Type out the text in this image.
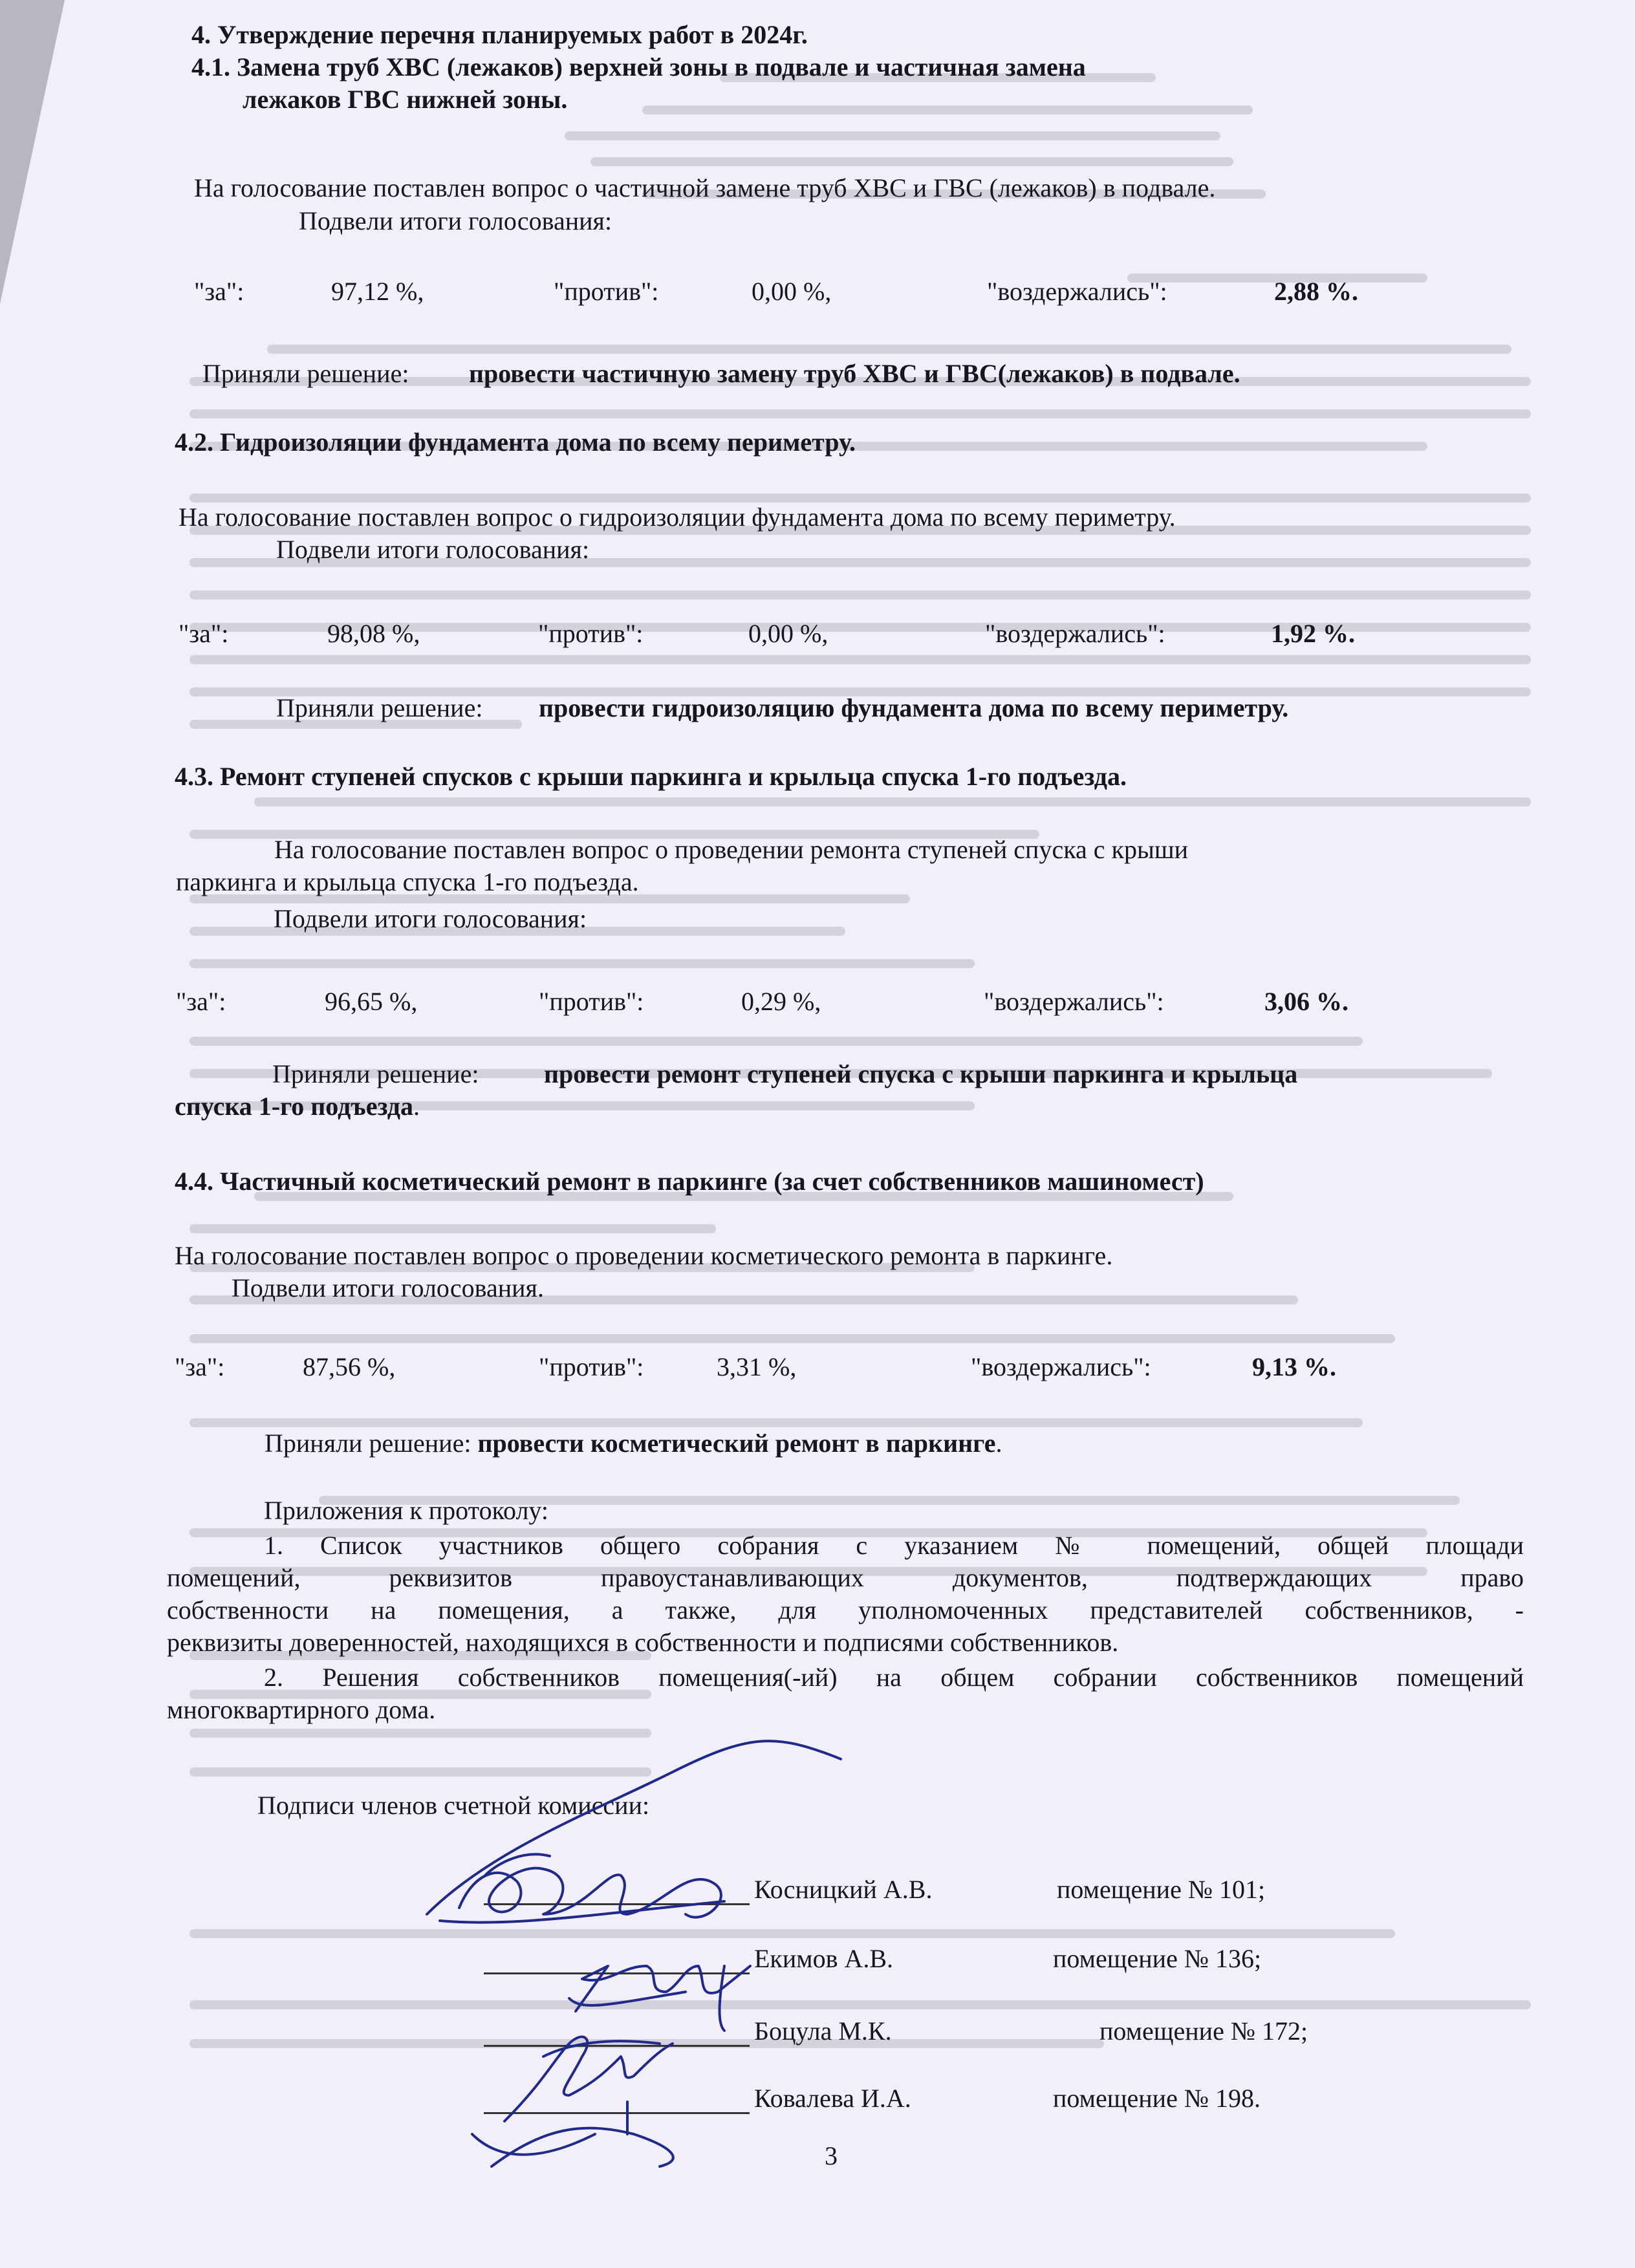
4. Утверждение перечня планируемых работ в 2024г.
4.1. Замена труб ХВС (лежаков) верхней зоны в подвале и частичная замена
лежаков ГВС нижней зоны.
На голосование поставлен вопрос о частичной замене труб ХВС и ГВС (лежаков) в подвале.
Подвели итоги голосования:
"за":	97,12 %,	"против":	0,00 %,	"воздержались":	2,88 %.
Приняли решение: провести частичную замену труб ХВС и ГВС(лежаков) в подвале.
4.2. Гидроизоляции фундамента дома по всему периметру.
На голосование поставлен вопрос о гидроизоляции фундамента дома по всему периметру.
Подвели итоги голосования:
"за":	98,08 %,	"против":	0,00 %,	"воздержались":	1,92 %.
Приняли решение: провести гидроизоляцию фундамента дома по всему периметру.
4.3. Ремонт ступеней спусков с крыши паркинга и крыльца спуска 1-го подъезда.
На голосование поставлен вопрос о проведении ремонта ступеней спуска с крыши
паркинга и крыльца спуска 1-го подъезда.
Подвели итоги голосования:
"за":	96,65 %,	"против":	0,29 %,	"воздержались":	3,06 %.
Приняли решение:	провести ремонт ступеней спуска с крыши паркинга и крыльца
спуска 1-го подъезда.
4.4. Частичный косметический ремонт в паркинге (за счет собственников машиномест)
На голосование поставлен вопрос о проведении косметического ремонта в паркинге.
Подвели итоги голосования.
"за":	87,56 %,	"против":	3,31 %,	"воздержались":	9,13 %.
Приняли решение: провести косметический ремонт в паркинге.
Приложения к протоколу:
1. Список участников общего собрания с указанием № помещений, общей площади
помещений, реквизитов правоустанавливающих документов, подтверждающих право
собственности на помещения, а также, для уполномоченных представителей собственников, -
реквизиты доверенностей, находящихся в собственности и подписями собственников.
2. Решения собственников помещения(-ий) на общем собрании собственников помещений
многоквартирного дома.
Подписи членов счетной комиссии:
Косницкий А.В.	помещение № 101;
Екимов А.В.	помещение № 136;
Боцула М.К.	помещение № 172;
Ковалева И.А.	помещение № 198.
3
